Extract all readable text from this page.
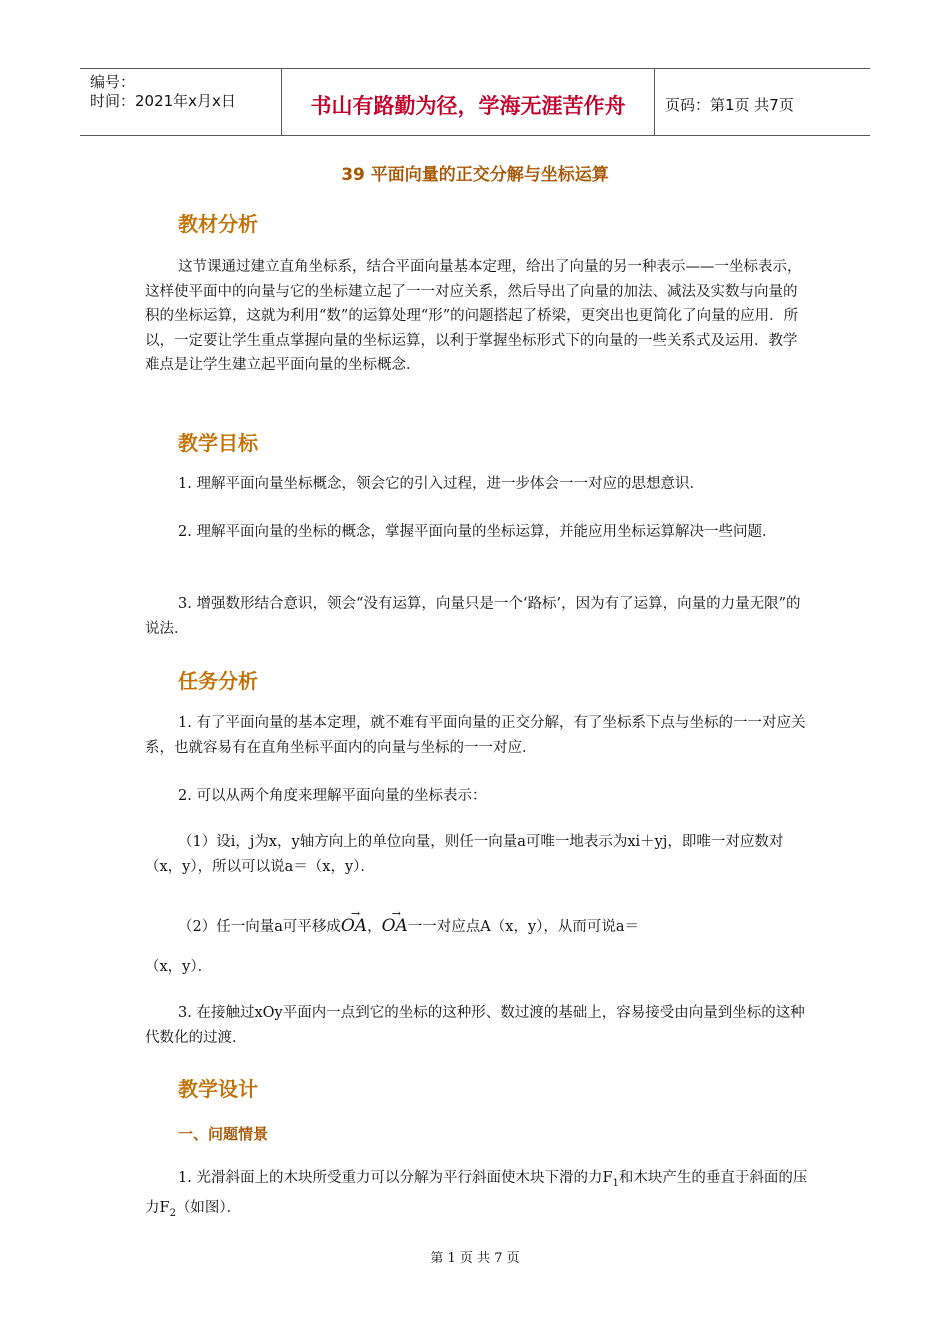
编号：
时间：2021年x月x日	书山有路勤为径，学海无涯苦作舟	页码：第1页 共7页
39 平面向量的正交分解与坐标运算
教材分析
这节课通过建立直角坐标系，结合平面向量基本定理，给出了向量的另一种表示——一坐标表示，这样使平面中的向量与它的坐标建立起了一一对应关系，然后导出了向量的加法、减法及实数与向量的积的坐标运算，这就为利用“数”的运算处理“形”的问题搭起了桥梁，更突出也更简化了向量的应用．所以，一定要让学生重点掌握向量的坐标运算，以利于掌握坐标形式下的向量的一些关系式及运用．教学难点是让学生建立起平面向量的坐标概念．
教学目标
1. 理解平面向量坐标概念，领会它的引入过程，进一步体会一一对应的思想意识．
2. 理解平面向量的坐标的概念，掌握平面向量的坐标运算，并能应用坐标运算解决一些问题．
3. 增强数形结合意识，领会“没有运算，向量只是一个‘路标’，因为有了运算，向量的力量无限”的说法．
任务分析
1. 有了平面向量的基本定理，就不难有平面向量的正交分解，有了坐标系下点与坐标的一一对应关系，也就容易有在直角坐标平面内的向量与坐标的一一对应．
2. 可以从两个角度来理解平面向量的坐标表示：
（1）设i，j为x，y轴方向上的单位向量，则任一向量a可唯一地表示为xi＋yj，即唯一对应数对（x，y），所以可以说a＝（x，y）．
（2）任一向量a可平移成→ OA，→ OA一一对应点A（x，y），从而可说a＝
（x，y）．
3. 在接触过xOy平面内一点到它的坐标的这种形、数过渡的基础上，容易接受由向量到坐标的这种代数化的过渡．
教学设计
一、问题情景
1. 光滑斜面上的木块所受重力可以分解为平行斜面使木块下滑的力$F_1$和木块产生的垂直于斜面的压力$F_2$（如图）．
第 1 页 共 7 页
